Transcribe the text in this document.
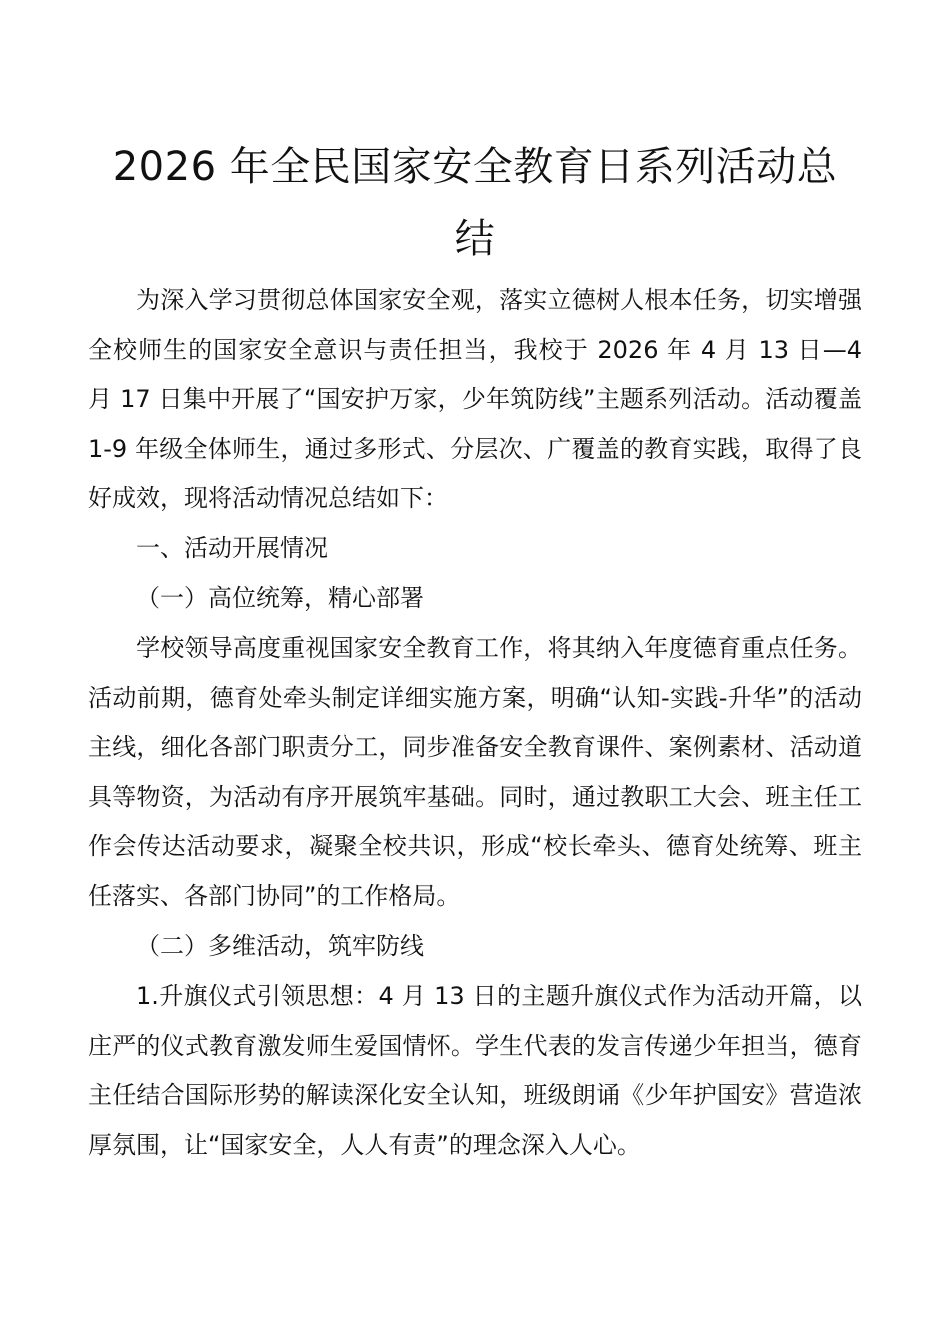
2026 年全民国家安全教育日系列活动总
结

为深入学习贯彻总体国家安全观，落实立德树人根本任务，切实增强全校师生的国家安全意识与责任担当，我校于 2026 年 4 月 13 日—4 月 17 日集中开展了“国安护万家，少年筑防线”主题系列活动。活动覆盖 1-9 年级全体师生，通过多形式、分层次、广覆盖的教育实践，取得了良好成效，现将活动情况总结如下：

一、活动开展情况

（一）高位统筹，精心部署

学校领导高度重视国家安全教育工作，将其纳入年度德育重点任务。活动前期，德育处牵头制定详细实施方案，明确“认知-实践-升华”的活动主线，细化各部门职责分工，同步准备安全教育课件、案例素材、活动道具等物资，为活动有序开展筑牢基础。同时，通过教职工大会、班主任工作会传达活动要求，凝聚全校共识，形成“校长牵头、德育处统筹、班主任落实、各部门协同”的工作格局。

（二）多维活动，筑牢防线

1.升旗仪式引领思想：4 月 13 日的主题升旗仪式作为活动开篇，以庄严的仪式教育激发师生爱国情怀。学生代表的发言传递少年担当，德育主任结合国际形势的解读深化安全认知，班级朗诵《少年护国安》营造浓厚氛围，让“国家安全，人人有责”的理念深入人心。
